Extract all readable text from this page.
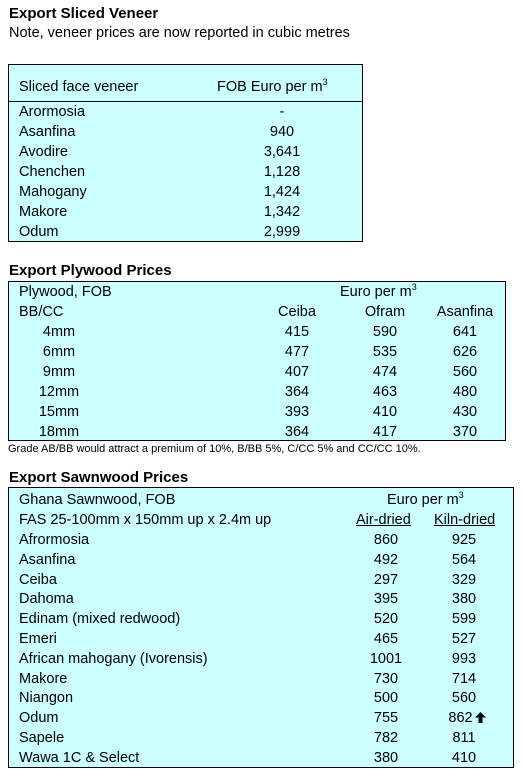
Export Sliced Veneer
Note, veneer prices are now reported in cubic metres
Sliced face veneer	FOB Euro per $m^3$
Arormosia	-
Asanfina	940
Avodire	3,641
Chenchen	1,128
Mahogany	1,424
Makore	1,342
Odum	2,999
Export Plywood Prices
Plywood, FOB	Euro per $m^3$
BB/CC	Ceiba	Ofram	Asanfina
4mm	415	590	641
6mm	477	535	626
9mm	407	474	560
12mm	364	463	480
15mm	393	410	430
18mm	364	417	370
Grade AB/BB would attract a premium of 10%, B/BB 5%, C/CC 5% and CC/CC 10%.
Export Sawnwood Prices
Ghana Sawnwood, FOB	Euro per $m^3$
FAS 25-100mm x 150mm up x 2.4m up	Air-dried Kiln-dried
Afrormosia	860	925
Asanfina	492	564
Ceiba	297	329
Dahoma	395	380
Edinam (mixed redwood)	520	599
Emeri	465	527
African mahogany (Ivorensis)	1001	993
Makore	730	714
Niangon	500	560
Odum	755	862
Sapele	782	811
Wawa 1C & Select	380	410
